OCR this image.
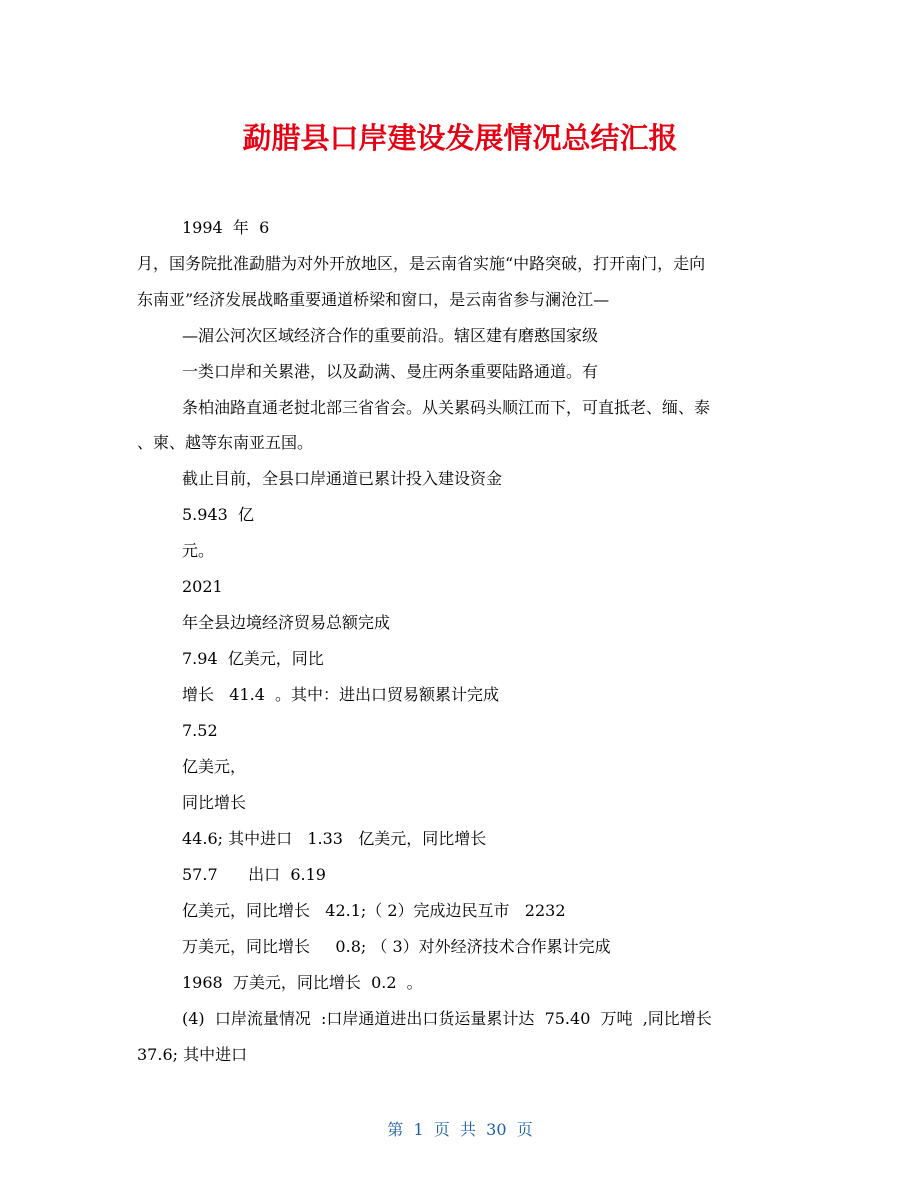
勐腊县口岸建设发展情况总结汇报
1994  年  6
月，国务院批准勐腊为对外开放地区，是云南省实施“中路突破，打开南门，走向
东南亚”经济发展战略重要通道桥梁和窗口，是云南省参与澜沧江—
—湄公河次区域经济合作的重要前沿。辖区建有磨憨国家级
一类口岸和关累港，以及勐满、曼庄两条重要陆路通道。有
条柏油路直通老挝北部三省省会。从关累码头顺江而下，可直抵老、缅、泰
、柬、越等东南亚五国。
截止目前，全县口岸通道已累计投入建设资金
5.943  亿
元。
2021
年全县边境经济贸易总额完成
7.94  亿美元，同比
增长   41.4  。其中：进出口贸易额累计完成
7.52
亿美元，
同比增长
44.6; 其中进口   1.33   亿美元，同比增长
57.7      出口  6.19
亿美元，同比增长   42.1;（ 2）完成边民互市   2232
万美元，同比增长     0.8; （ 3）对外经济技术合作累计完成
1968  万美元，同比增长  0.2  。
(4)  口岸流量情况  :口岸通道进出口货运量累计达  75.40  万吨  ,同比增长
37.6; 其中进口
第  1  页  共  30  页
